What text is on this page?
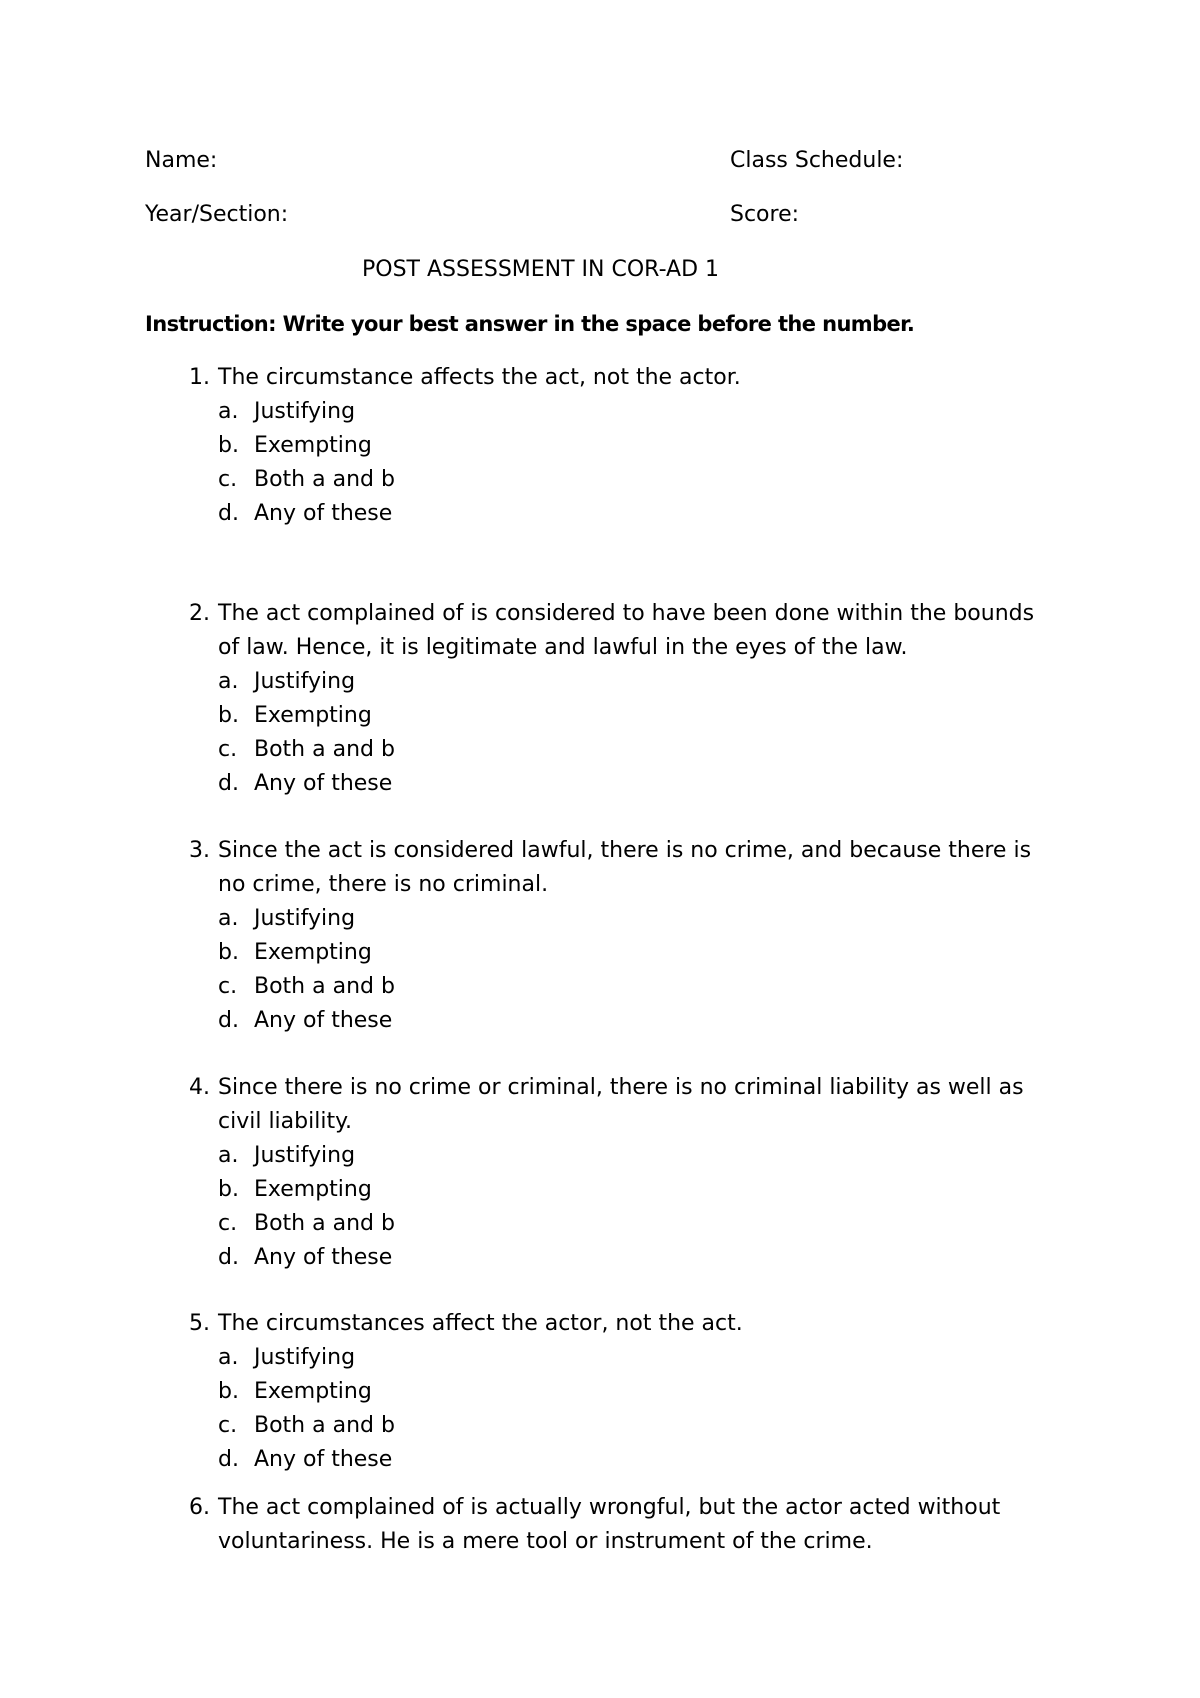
Name:	Class Schedule:
Year/Section:	Score:
POST ASSESSMENT IN COR-AD 1
Instruction: Write your best answer in the space before the number.
1. The circumstance affects the act, not the actor.
a. Justifying
b. Exempting
c. Both a and b
d. Any of these
2. The act complained of is considered to have been done within the bounds of law. Hence, it is legitimate and lawful in the eyes of the law.
a. Justifying
b. Exempting
c. Both a and b
d. Any of these
3. Since the act is considered lawful, there is no crime, and because there is no crime, there is no criminal.
a. Justifying
b. Exempting
c. Both a and b
d. Any of these
4. Since there is no crime or criminal, there is no criminal liability as well as civil liability.
a. Justifying
b. Exempting
c. Both a and b
d. Any of these
5. The circumstances affect the actor, not the act.
a. Justifying
b. Exempting
c. Both a and b
d. Any of these
6. The act complained of is actually wrongful, but the actor acted without voluntariness. He is a mere tool or instrument of the crime.
